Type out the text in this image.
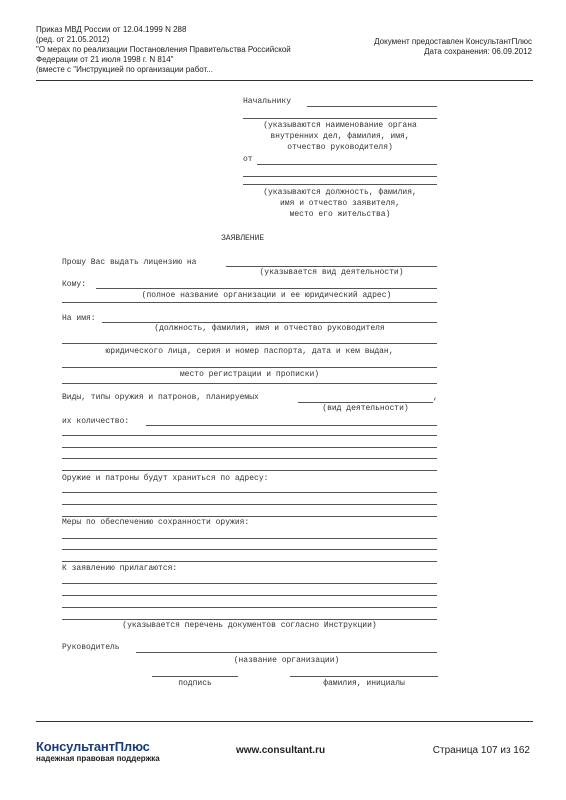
Приказ МВД России от 12.04.1999 N 288
(ред. от 21.05.2012)
"О мерах по реализации Постановления Правительства Российской
Федерации от 21 июля 1998 г. N 814"
(вместе с "Инструкцией по организации работ...
Документ предоставлен КонсультантПлюс
Дата сохранения: 06.09.2012
Начальнику
(указываются наименование органа
внутренних дел, фамилия, имя,
отчество руководителя)
от
(указываются должность, фамилия,
имя и отчество заявителя,
место его жительства)
ЗАЯВЛЕНИЕ
Прошу Вас выдать лицензию на
(указывается вид деятельности)
Кому:
(полное название организации и ее юридический адрес)
На имя:
(должность, фамилия, имя и отчество руководителя
юридического лица, серия и номер паспорта, дата и кем выдан,
место регистрации и прописки)
Виды, типы оружия и патронов, планируемых	,
(вид деятельности)
их количество:
Оружие и патроны будут храниться по адресу:
Меры по обеспечению сохранности оружия:
К заявлению прилагаются:
(указывается перечень документов согласно Инструкции)
Руководитель
(название организации)
подпись	фамилия, инициалы
КонсультантПлюс
надежная правовая поддержка
www.consultant.ru	Страница 107 из 162
